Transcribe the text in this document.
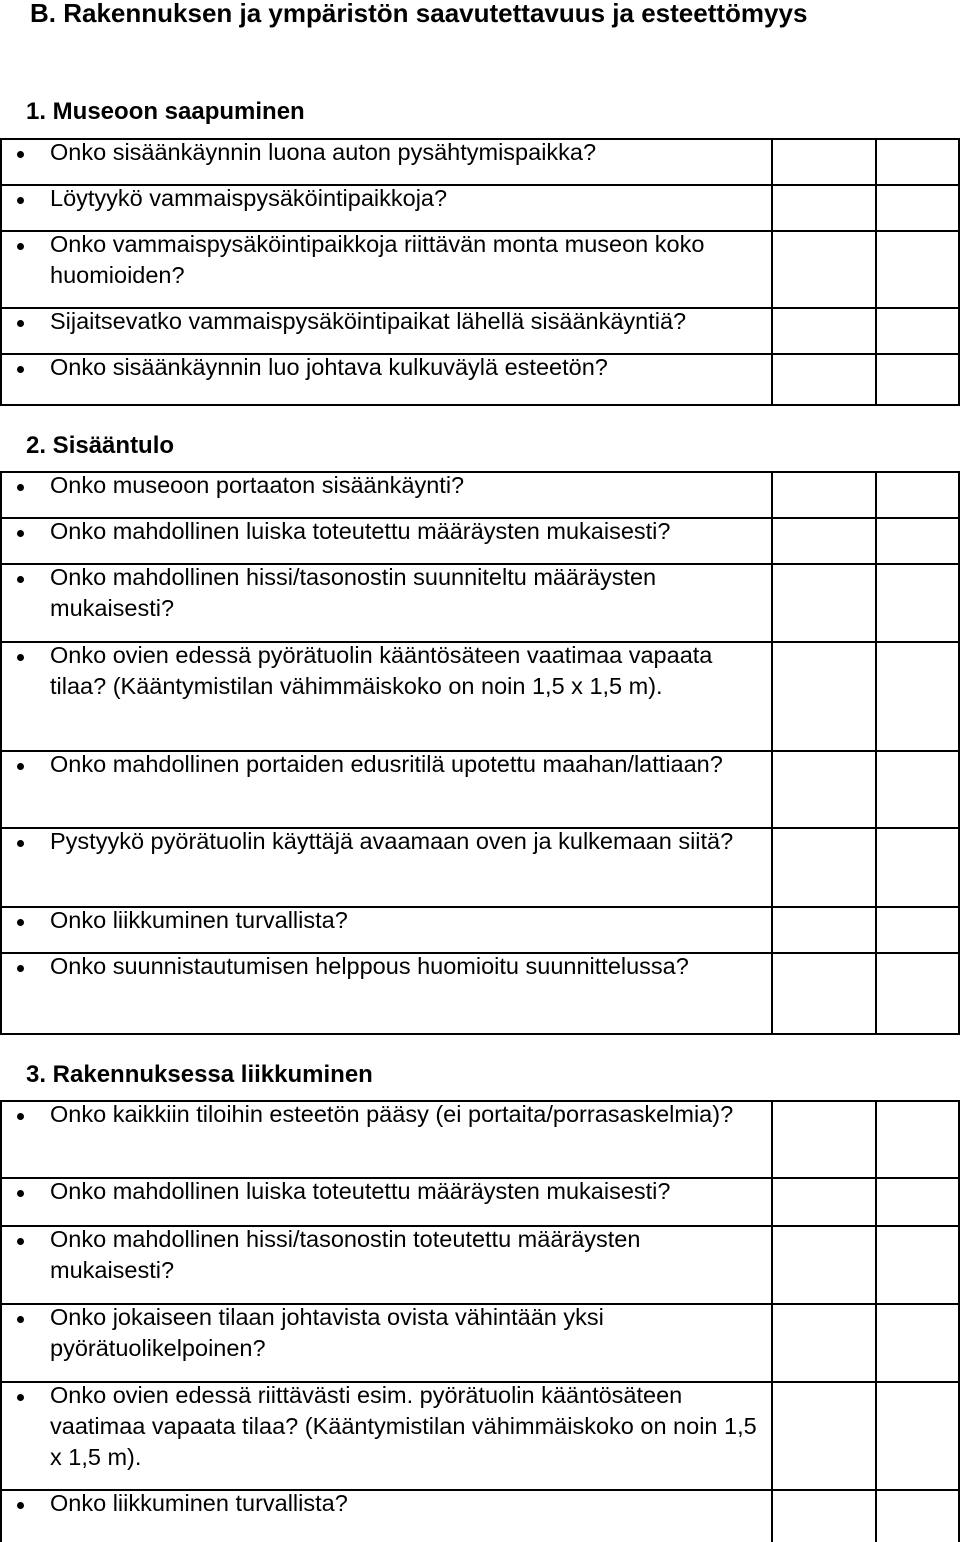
B. Rakennuksen ja ympäristön saavutettavuus ja esteettömyys
1. Museoon saapuminen
Onko sisäänkäynnin luona auton pysähtymispaikka?
Löytyykö vammaispysäköintipaikkoja?
Onko vammaispysäköintipaikkoja riittävän monta museon koko huomioiden?
Sijaitsevatko vammaispysäköintipaikat lähellä sisäänkäyntiä?
Onko sisäänkäynnin luo johtava kulkuväylä esteetön?
2. Sisääntulo
Onko museoon portaaton sisäänkäynti?
Onko mahdollinen luiska toteutettu määräysten mukaisesti?
Onko mahdollinen hissi/tasonostin suunniteltu määräysten mukaisesti?
Onko ovien edessä pyörätuolin kääntösäteen vaatimaa vapaata tilaa? (Kääntymistilan vähimmäiskoko on noin 1,5 x 1,5 m).
Onko mahdollinen portaiden edusritilä upotettu maahan/lattiaan?
Pystyykö pyörätuolin käyttäjä avaamaan oven ja kulkemaan siitä?
Onko liikkuminen turvallista?
Onko suunnistautumisen helppous huomioitu suunnittelussa?
3. Rakennuksessa liikkuminen
Onko kaikkiin tiloihin esteetön pääsy (ei portaita/porrasaskelmia)?
Onko mahdollinen luiska toteutettu määräysten mukaisesti?
Onko mahdollinen hissi/tasonostin toteutettu määräysten mukaisesti?
Onko jokaiseen tilaan johtavista ovista vähintään yksi pyörätuolikelpoinen?
Onko ovien edessä riittävästi esim. pyörätuolin kääntösäteen vaatimaa vapaata tilaa? (Kääntymistilan vähimmäiskoko on noin 1,5 x 1,5 m).
Onko liikkuminen turvallista?
